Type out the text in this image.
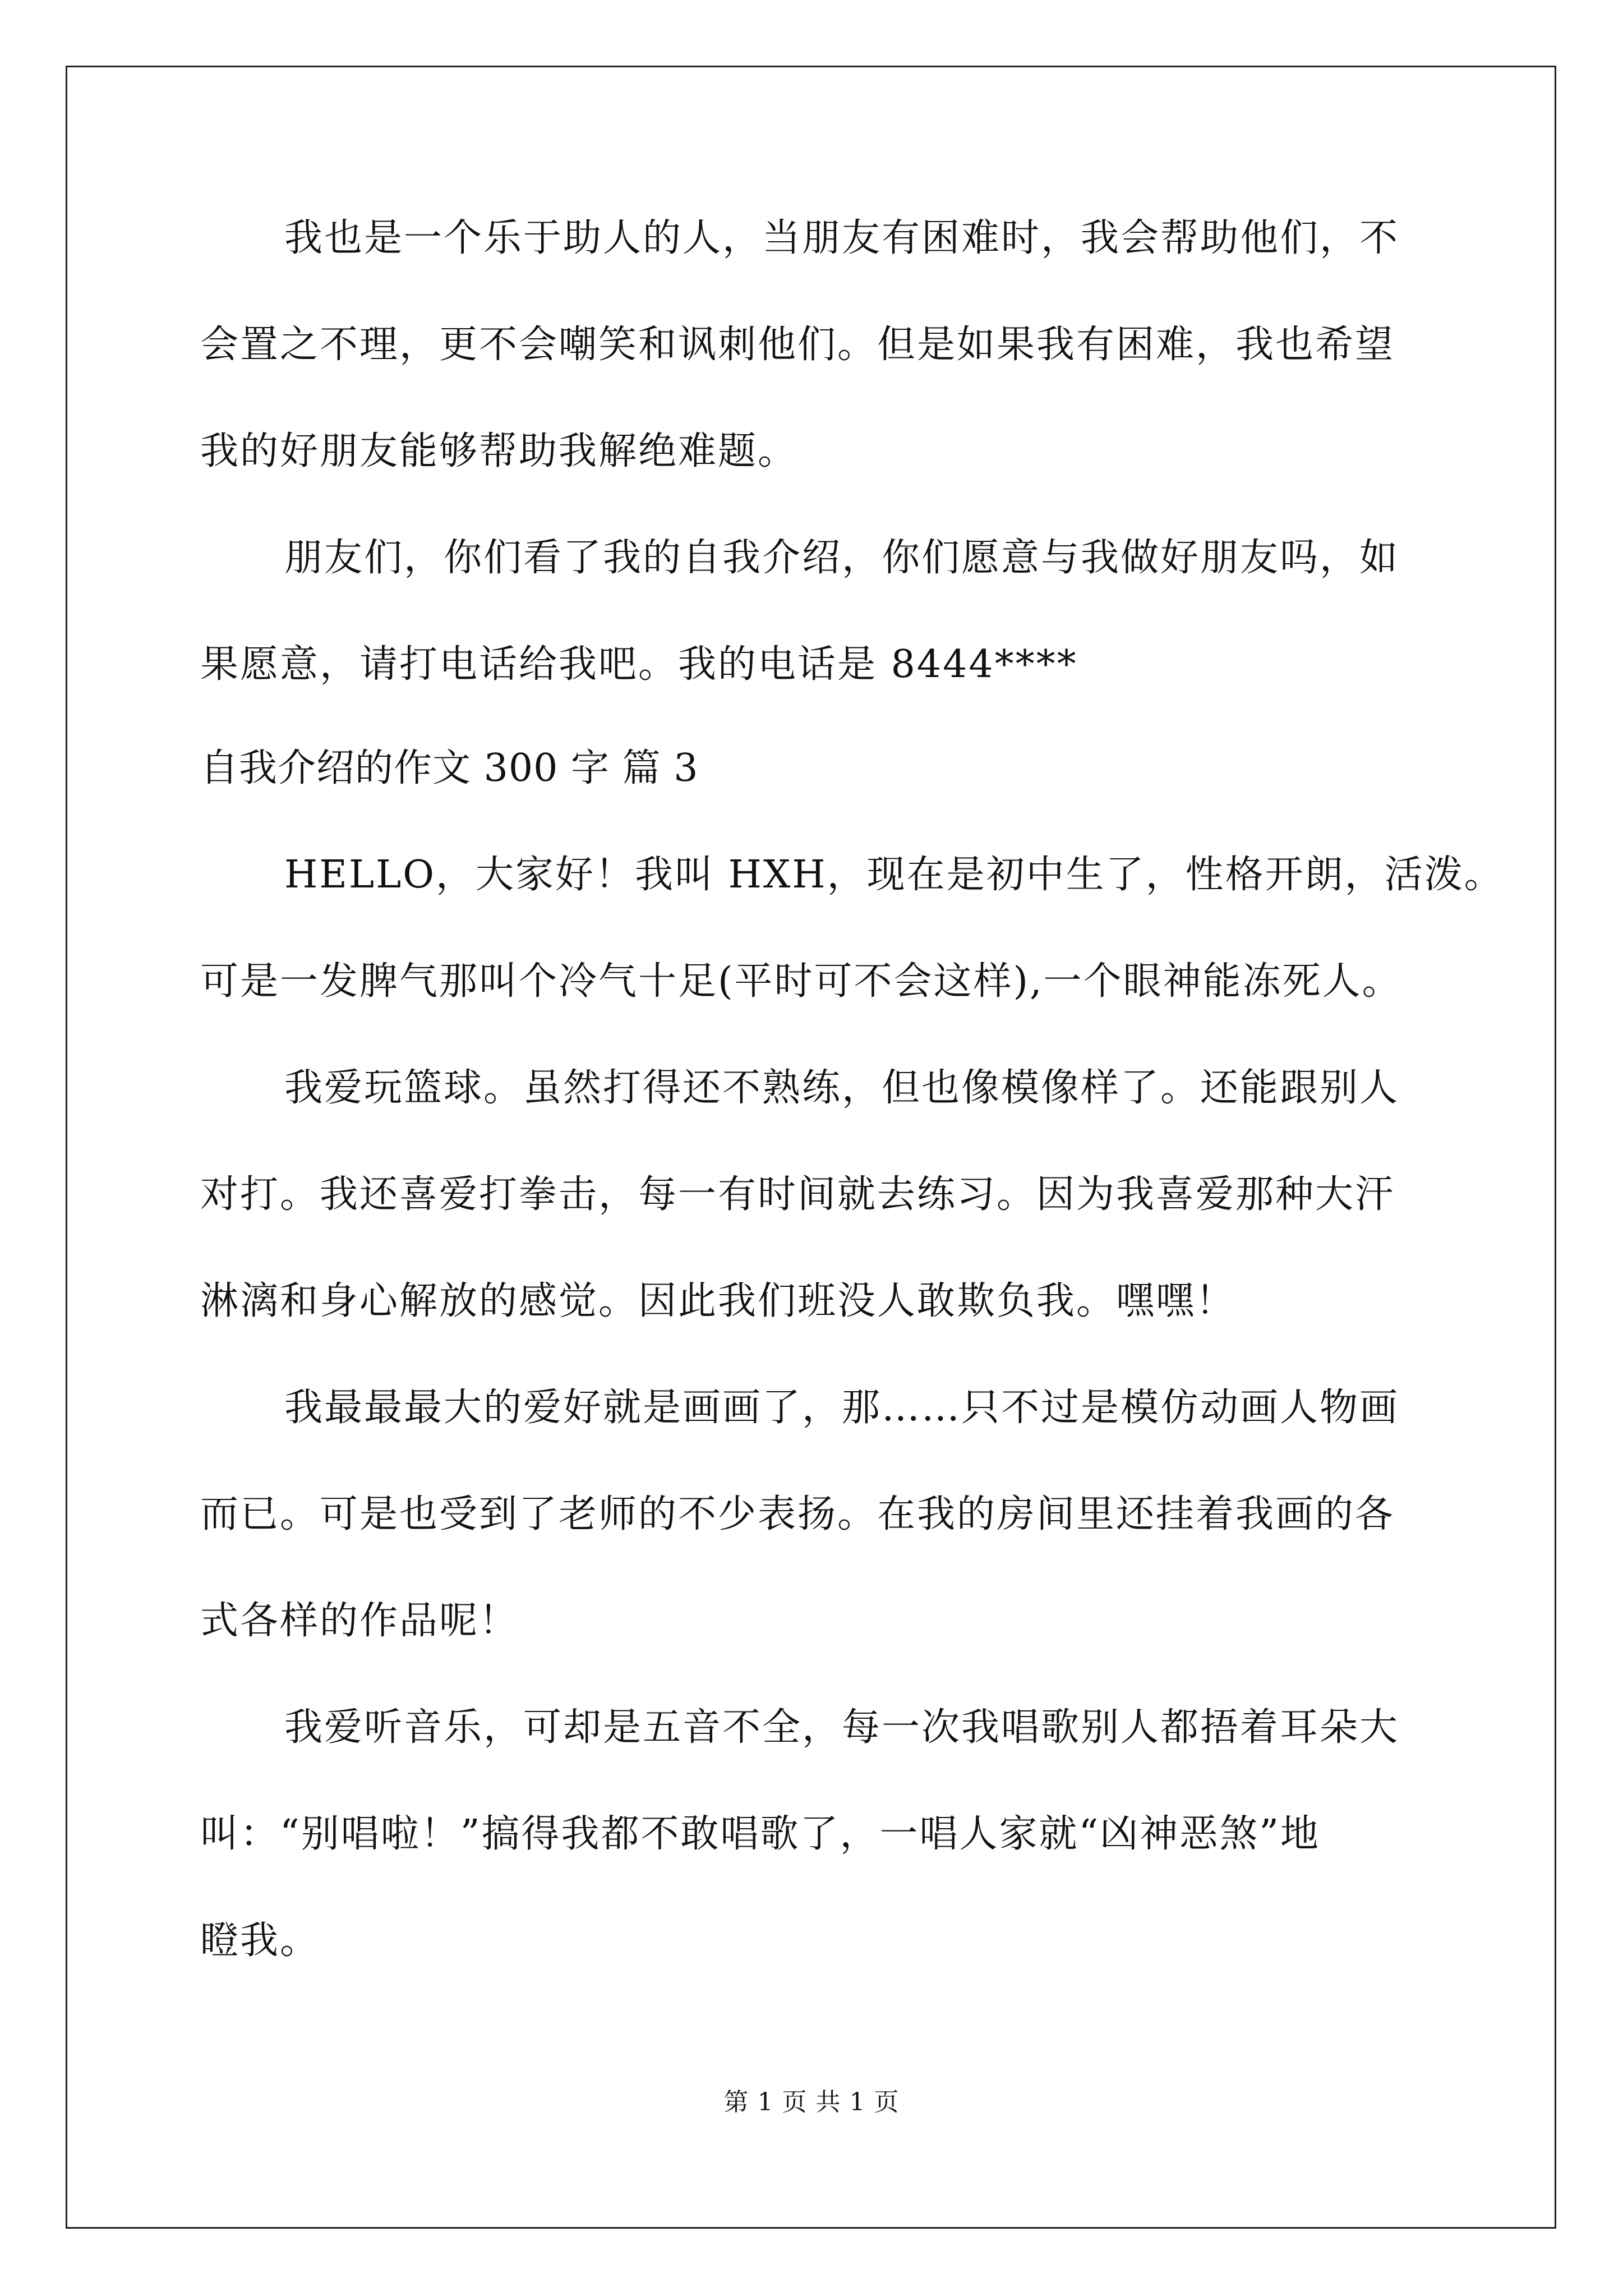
我也是一个乐于助人的人，当朋友有困难时，我会帮助他们，不
会置之不理，更不会嘲笑和讽刺他们。但是如果我有困难，我也希望
我的好朋友能够帮助我解绝难题。
朋友们，你们看了我的自我介绍，你们愿意与我做好朋友吗，如
果愿意，请打电话给我吧。我的电话是 8444****
自我介绍的作文 300 字 篇 3
HELLO，大家好！我叫 HXH，现在是初中生了，性格开朗，活泼。
可是一发脾气那叫个冷气十足(平时可不会这样),一个眼神能冻死人。
我爱玩篮球。虽然打得还不熟练，但也像模像样了。还能跟别人
对打。我还喜爱打拳击，每一有时间就去练习。因为我喜爱那种大汗
淋漓和身心解放的感觉。因此我们班没人敢欺负我。嘿嘿！
我最最最大的爱好就是画画了，那……只不过是模仿动画人物画
而已。可是也受到了老师的不少表扬。在我的房间里还挂着我画的各
式各样的作品呢！
我爱听音乐，可却是五音不全，每一次我唱歌别人都捂着耳朵大
叫：“别唱啦！”搞得我都不敢唱歌了，一唱人家就“凶神恶煞”地
瞪我。
第 1 页 共 1 页
